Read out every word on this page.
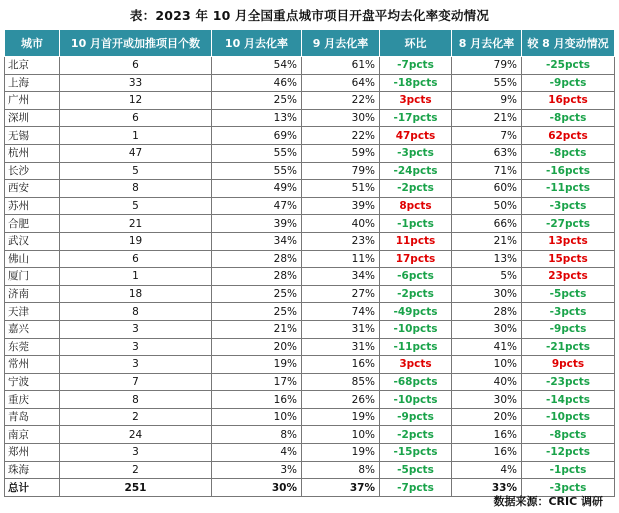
表：2023 年 10 月全国重点城市项目开盘平均去化率变动情况
城市	10 月首开或加推项目个数	10 月去化率	9 月去化率	环比	8 月去化率	较 8 月变动情况
北京	6	54%	61%	-7pcts	79%	-25pcts
上海	33	46%	64%	-18pcts	55%	-9pcts
广州	12	25%	22%	3pcts	9%	16pcts
深圳	6	13%	30%	-17pcts	21%	-8pcts
无锡	1	69%	22%	47pcts	7%	62pcts
杭州	47	55%	59%	-3pcts	63%	-8pcts
长沙	5	55%	79%	-24pcts	71%	-16pcts
西安	8	49%	51%	-2pcts	60%	-11pcts
苏州	5	47%	39%	8pcts	50%	-3pcts
合肥	21	39%	40%	-1pcts	66%	-27pcts
武汉	19	34%	23%	11pcts	21%	13pcts
佛山	6	28%	11%	17pcts	13%	15pcts
厦门	1	28%	34%	-6pcts	5%	23pcts
济南	18	25%	27%	-2pcts	30%	-5pcts
天津	8	25%	74%	-49pcts	28%	-3pcts
嘉兴	3	21%	31%	-10pcts	30%	-9pcts
东莞	3	20%	31%	-11pcts	41%	-21pcts
常州	3	19%	16%	3pcts	10%	9pcts
宁波	7	17%	85%	-68pcts	40%	-23pcts
重庆	8	16%	26%	-10pcts	30%	-14pcts
青岛	2	10%	19%	-9pcts	20%	-10pcts
南京	24	8%	10%	-2pcts	16%	-8pcts
郑州	3	4%	19%	-15pcts	16%	-12pcts
珠海	2	3%	8%	-5pcts	4%	-1pcts
总计	251	30%	37%	-7pcts	33%	-3pcts
数据来源：CRIC 调研
